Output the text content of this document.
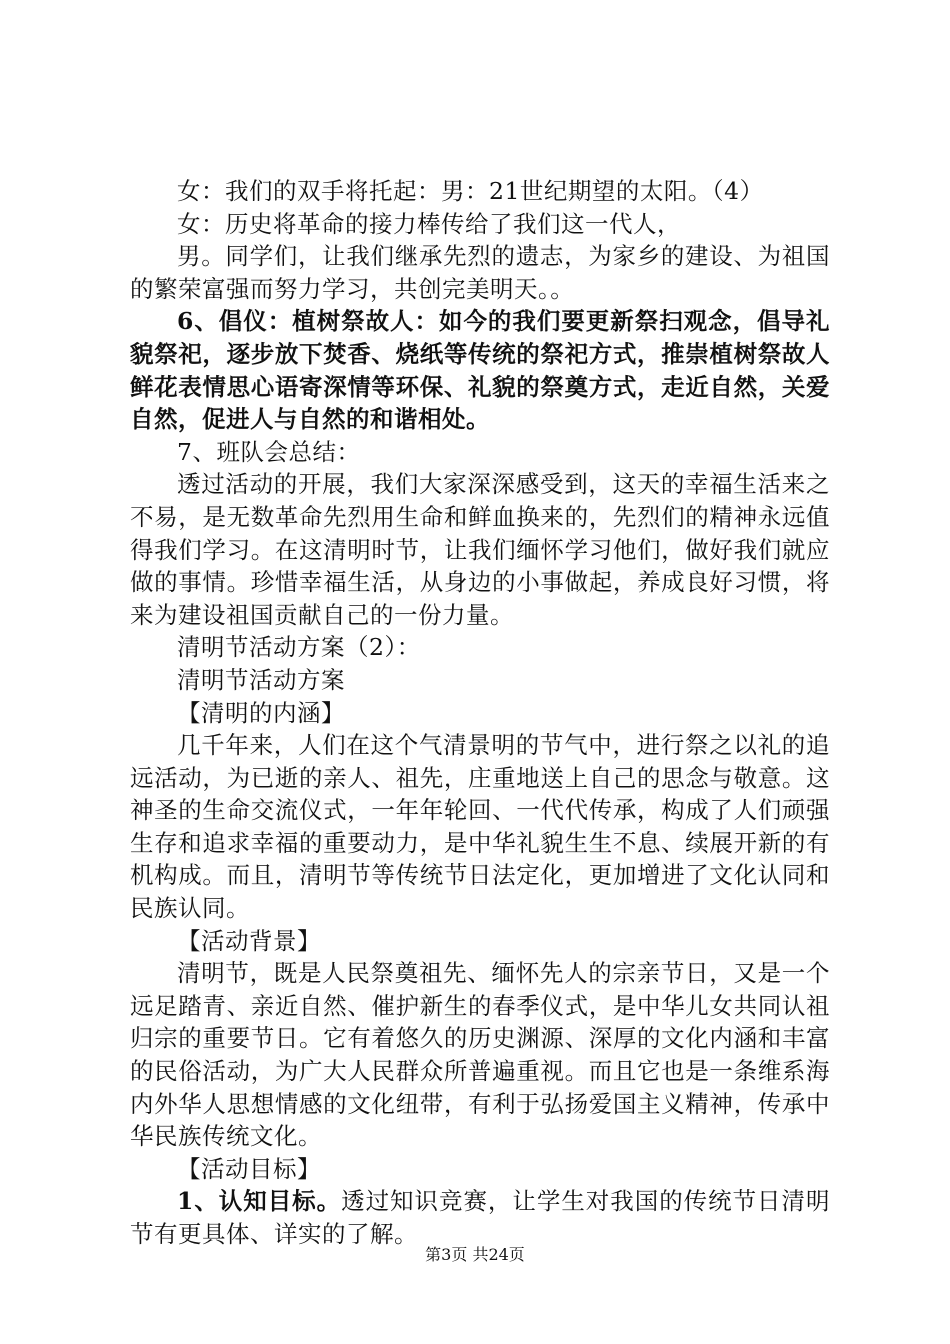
女：我们的双手将托起：男：21世纪期望的太阳。（4）

女：历史将革命的接力棒传给了我们这一代人，

男。同学们，让我们继承先烈的遗志，为家乡的建设、为祖国的繁荣富强而努力学习，共创完美明天。。

6、倡仪：植树祭故人：如今的我们要更新祭扫观念，倡导礼貌祭祀，逐步放下焚香、烧纸等传统的祭祀方式，推崇植树祭故人鲜花表情思心语寄深情等环保、礼貌的祭奠方式，走近自然，关爱自然，促进人与自然的和谐相处。

7、班队会总结：

透过活动的开展，我们大家深深感受到，这天的幸福生活来之不易，是无数革命先烈用生命和鲜血换来的，先烈们的精神永远值得我们学习。在这清明时节，让我们缅怀学习他们，做好我们就应做的事情。珍惜幸福生活，从身边的小事做起，养成良好习惯，将来为建设祖国贡献自己的一份力量。

清明节活动方案（2）：

清明节活动方案

【清明的内涵】

几千年来，人们在这个气清景明的节气中，进行祭之以礼的追远活动，为已逝的亲人、祖先，庄重地送上自己的思念与敬意。这神圣的生命交流仪式，一年年轮回、一代代传承，构成了人们顽强生存和追求幸福的重要动力，是中华礼貌生生不息、续展开新的有机构成。而且，清明节等传统节日法定化，更加增进了文化认同和民族认同。

【活动背景】

清明节，既是人民祭奠祖先、缅怀先人的宗亲节日，又是一个远足踏青、亲近自然、催护新生的春季仪式，是中华儿女共同认祖归宗的重要节日。它有着悠久的历史渊源、深厚的文化内涵和丰富的民俗活动，为广大人民群众所普遍重视。而且它也是一条维系海内外华人思想情感的文化纽带，有利于弘扬爱国主义精神，传承中华民族传统文化。

【活动目标】

1、认知目标。透过知识竞赛，让学生对我国的传统节日清明节有更具体、详实的了解。

第3页 共24页
